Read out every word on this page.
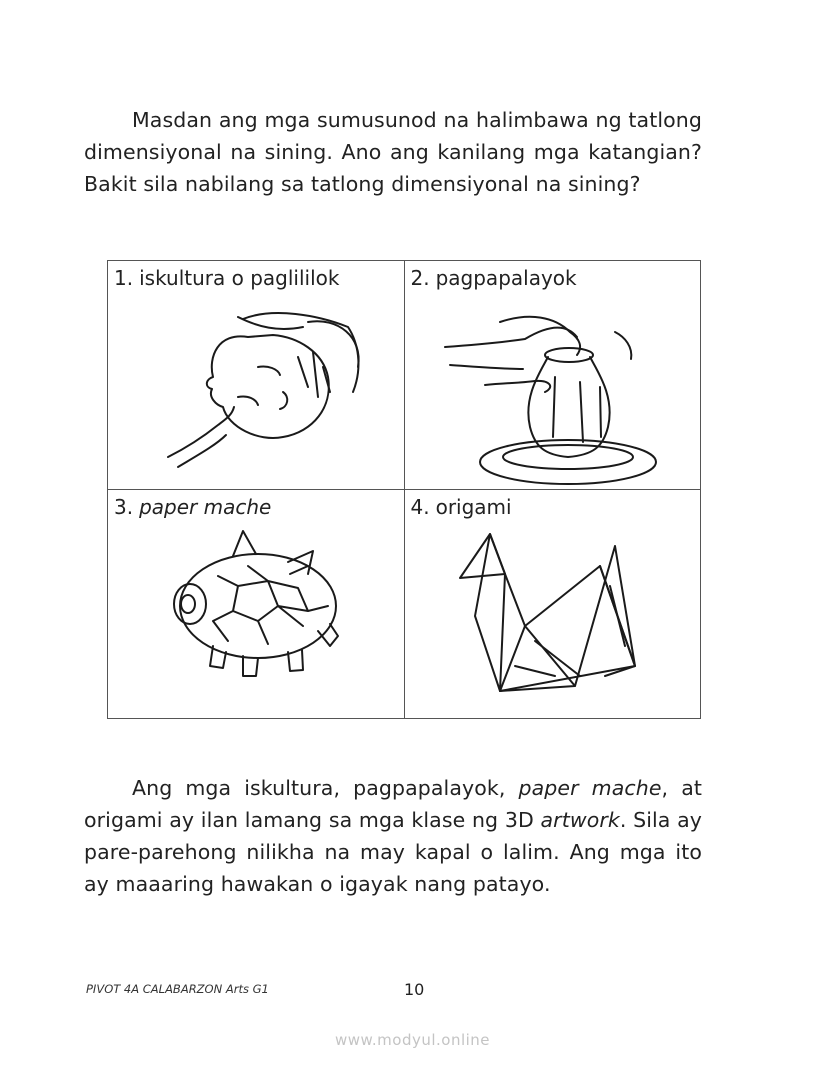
Masdan ang mga sumusunod na halimbawa ng tatlong dimensiyonal na sining. Ano ang kanilang mga katangian? Bakit sila nabilang sa tatlong dimensiyonal na sining?

1. iskultura o paglililok	2. pagpapalayok

3. paper mache	4. origami

Ang mga iskultura, pagpapalayok, paper mache, at origami ay ilan lamang sa mga klase ng 3D artwork. Sila ay pare-parehong nilikha na may kapal o lalim. Ang mga ito ay maaaring hawakan o igayak nang patayo.

PIVOT 4A CALABARZON Arts G1	10
www.modyul.online
